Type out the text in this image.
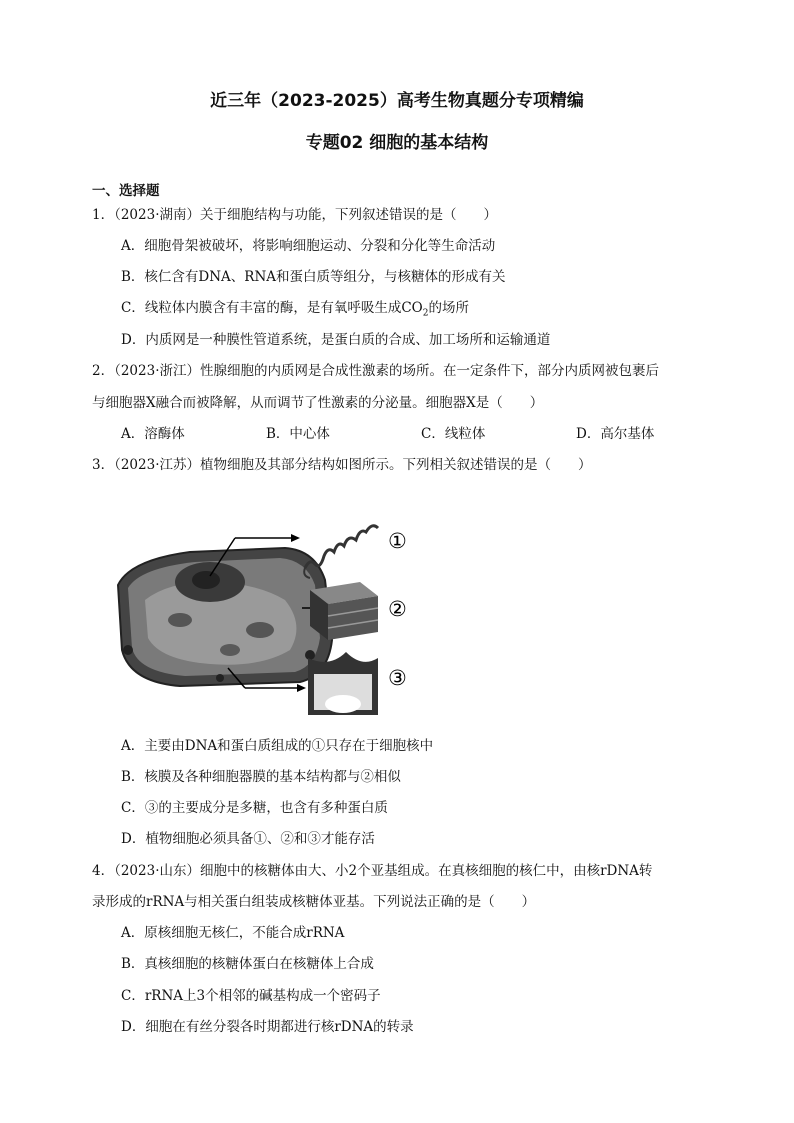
近三年（2023-2025）高考生物真题分专项精编
专题02 细胞的基本结构
一、选择题
1．（2023·湖南）关于细胞结构与功能，下列叙述错误的是（　　）
A．细胞骨架被破坏，将影响细胞运动、分裂和分化等生命活动
B．核仁含有DNA、RNA和蛋白质等组分，与核糖体的形成有关
C．线粒体内膜含有丰富的酶，是有氧呼吸生成$CO_2$的场所
D．内质网是一种膜性管道系统，是蛋白质的合成、加工场所和运输通道
2．（2023·浙江）性腺细胞的内质网是合成性激素的场所。在一定条件下，部分内质网被包裹后
与细胞器X融合而被降解，从而调节了性激素的分泌量。细胞器X是（　　）
A．溶酶体	B．中心体	C．线粒体	D．高尔基体
3．（2023·江苏）植物细胞及其部分结构如图所示。下列相关叙述错误的是（　　）
①
②
③
A．主要由DNA和蛋白质组成的①只存在于细胞核中
B．核膜及各种细胞器膜的基本结构都与②相似
C．③的主要成分是多糖，也含有多种蛋白质
D．植物细胞必须具备①、②和③才能存活
4．（2023·山东）细胞中的核糖体由大、小2个亚基组成。在真核细胞的核仁中，由核rDNA转
录形成的rRNA与相关蛋白组装成核糖体亚基。下列说法正确的是（　　）
A．原核细胞无核仁，不能合成rRNA
B．真核细胞的核糖体蛋白在核糖体上合成
C．rRNA上3个相邻的碱基构成一个密码子
D．细胞在有丝分裂各时期都进行核rDNA的转录
